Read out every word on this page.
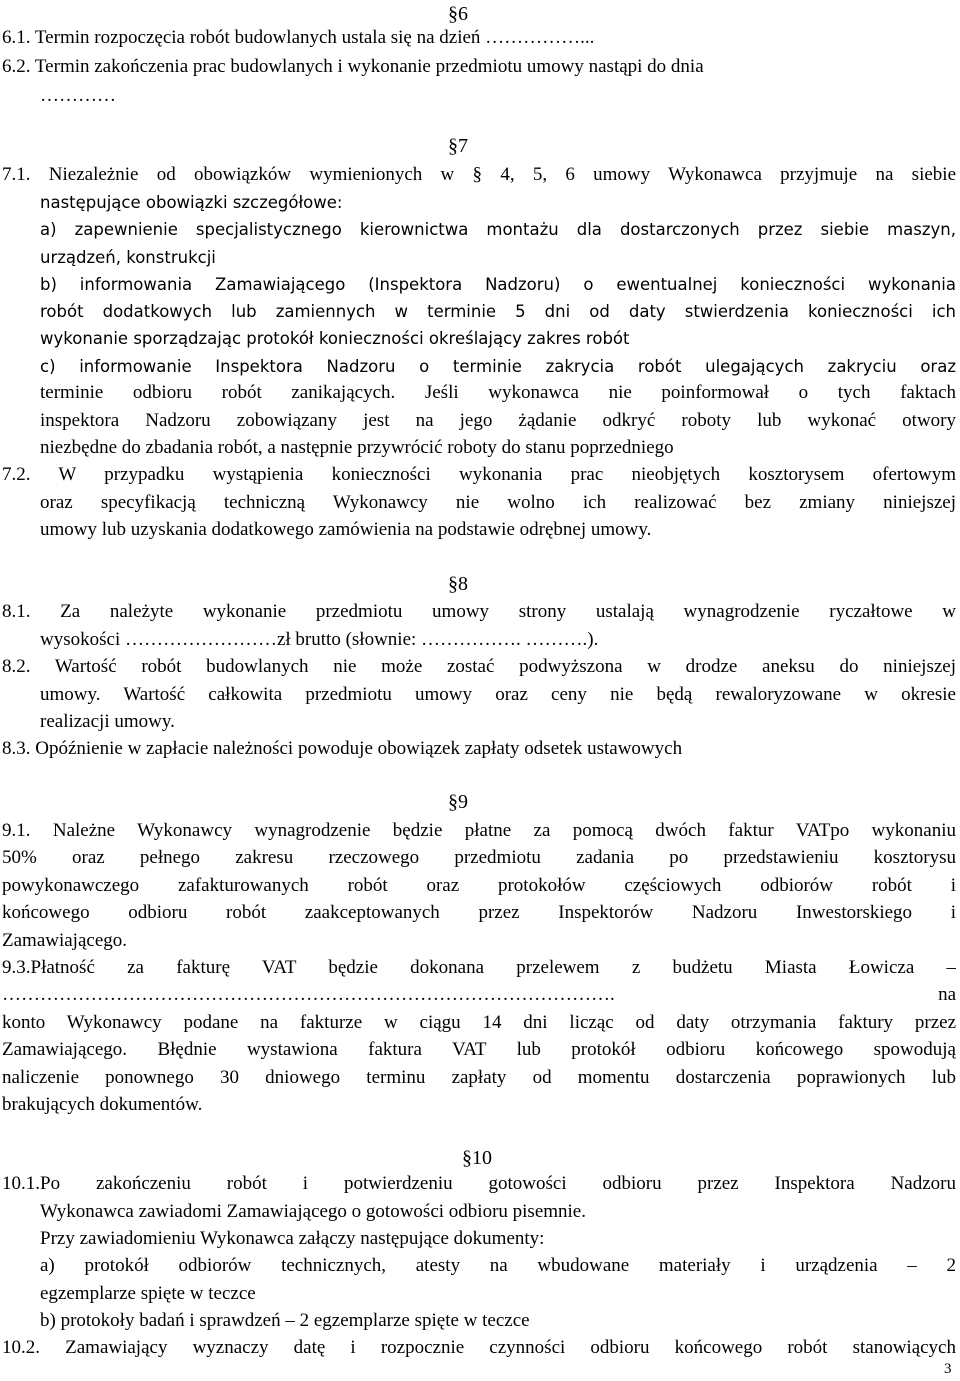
§6
6.1. Termin rozpoczęcia robót budowlanych ustala się na dzień ……………...
6.2. Termin zakończenia prac budowlanych i wykonanie przedmiotu umowy nastąpi do dnia
…………
§7
7.1. Niezależnie od obowiązków wymienionych w § 4, 5, 6 umowy Wykonawca przyjmuje na siebie
następujące obowiązki szczegółowe:
a) zapewnienie specjalistycznego kierownictwa montażu dla dostarczonych przez siebie maszyn,
urządzeń, konstrukcji
b) informowania Zamawiającego (Inspektora Nadzoru) o ewentualnej konieczności wykonania
robót dodatkowych lub zamiennych w terminie 5 dni od daty stwierdzenia konieczności ich
wykonanie sporządzając protokół konieczności określający zakres robót
c) informowanie Inspektora Nadzoru o terminie zakrycia robót ulegających zakryciu oraz
terminie odbioru robót zanikających. Jeśli wykonawca nie poinformował o tych faktach
inspektora Nadzoru zobowiązany jest na jego żądanie odkryć roboty lub wykonać otwory
niezbędne do zbadania robót, a następnie przywrócić roboty do stanu poprzedniego
7.2. W przypadku wystąpienia konieczności wykonania prac nieobjętych kosztorysem ofertowym
oraz specyfikacją techniczną Wykonawcy nie wolno ich realizować bez zmiany niniejszej
umowy lub uzyskania dodatkowego zamówienia na podstawie odrębnej umowy.
§8
8.1. Za należyte wykonanie przedmiotu umowy strony ustalają wynagrodzenie ryczałtowe w
wysokości ……………………zł brutto (słownie: ……………. ……….).
8.2. Wartość robót budowlanych nie może zostać podwyższona w drodze aneksu do niniejszej
umowy. Wartość całkowita przedmiotu umowy oraz ceny nie będą rewaloryzowane w okresie
realizacji umowy.
8.3. Opóźnienie w zapłacie należności powoduje obowiązek zapłaty odsetek ustawowych
§9
9.1. Należne Wykonawcy wynagrodzenie będzie płatne za pomocą dwóch faktur VATpo wykonaniu
50% oraz pełnego zakresu rzeczowego przedmiotu zadania po przedstawieniu kosztorysu
powykonawczego zafakturowanych robót oraz protokołów częściowych odbiorów robót i
końcowego odbioru robót zaakceptowanych przez Inspektorów Nadzoru Inwestorskiego i
Zamawiającego.
9.3.Płatność za fakturę VAT będzie dokonana przelewem z budżetu Miasta Łowicza –
……………………………………………………………………………………. na
konto Wykonawcy podane na fakturze w ciągu 14 dni licząc od daty otrzymania faktury przez
Zamawiającego. Błędnie wystawiona faktura VAT lub protokół odbioru końcowego spowodują
naliczenie ponownego 30 dniowego terminu zapłaty od momentu dostarczenia poprawionych lub
brakujących dokumentów.
§10
10.1.Po zakończeniu robót i potwierdzeniu gotowości odbioru przez Inspektora Nadzoru
Wykonawca zawiadomi Zamawiającego o gotowości odbioru pisemnie.
Przy zawiadomieniu Wykonawca załączy następujące dokumenty:
a) protokół odbiorów technicznych, atesty na wbudowane materiały i urządzenia – 2
egzemplarze spięte w teczce
b) protokoły badań i sprawdzeń – 2 egzemplarze spięte w teczce
10.2. Zamawiający wyznaczy datę i rozpocznie czynności odbioru końcowego robót stanowiących
3
